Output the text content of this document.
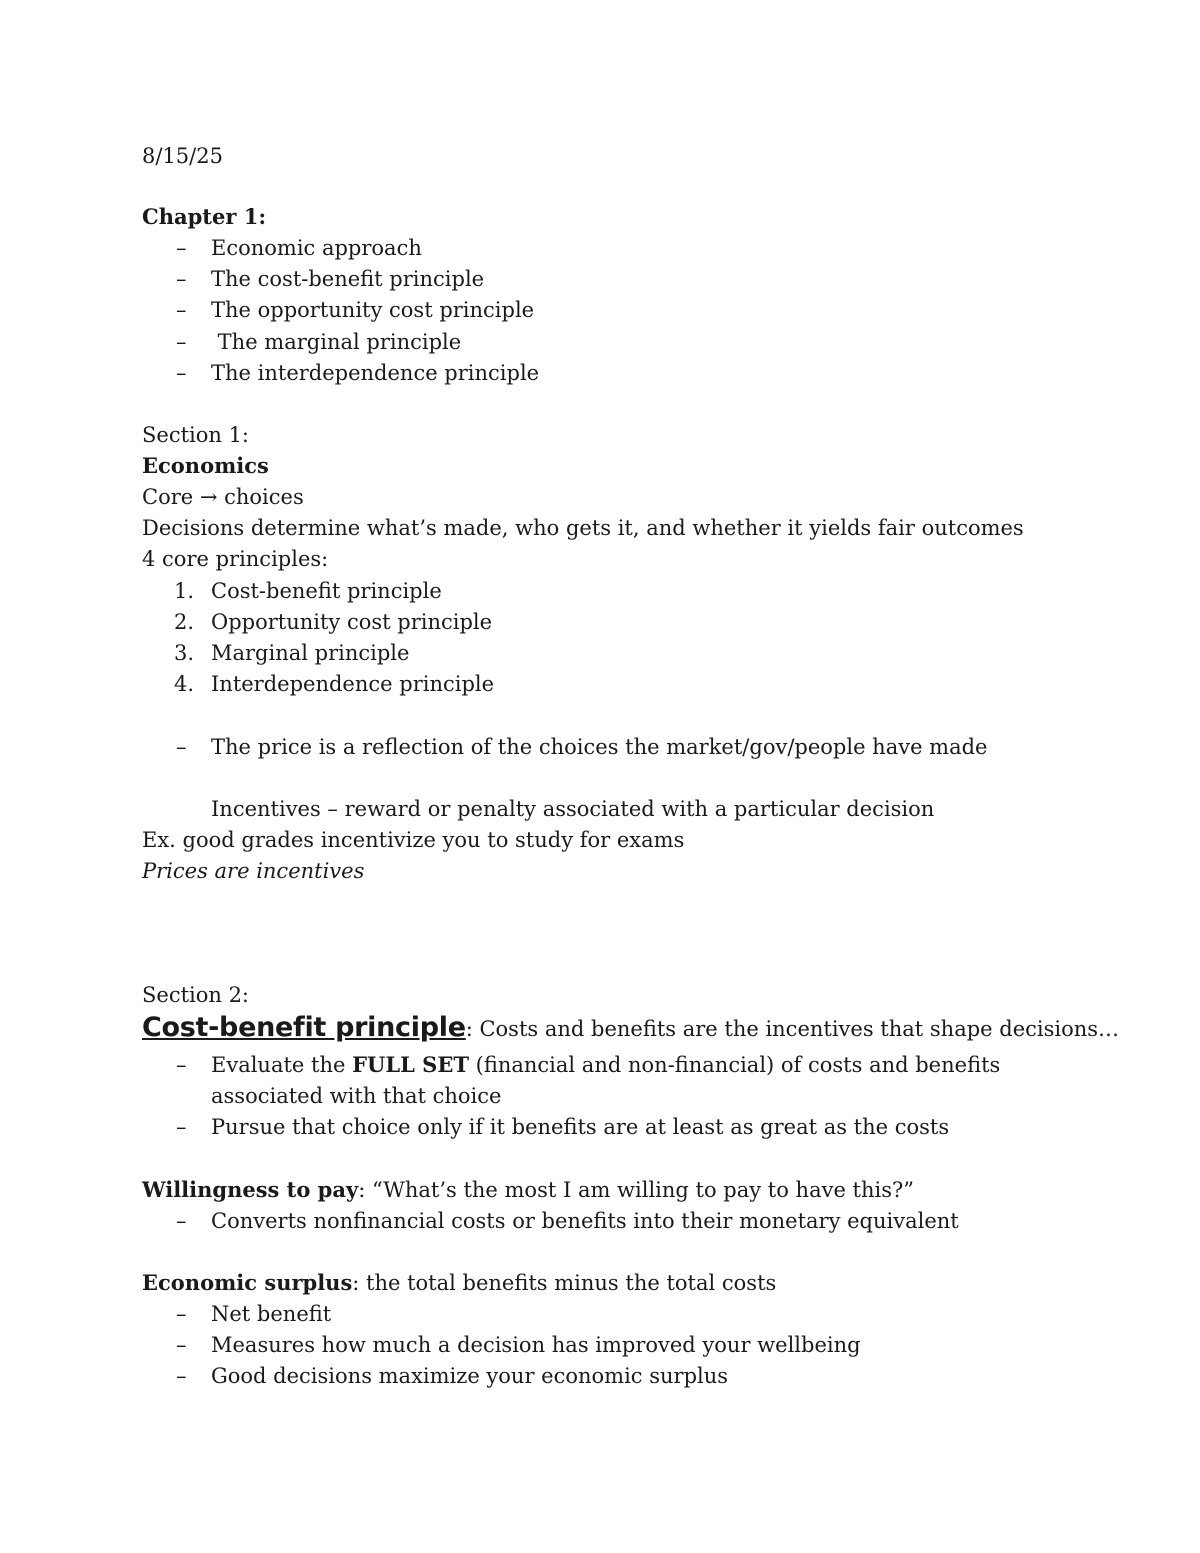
8/15/25
Chapter 1:
– Economic approach
– The cost-benefit principle
– The opportunity cost principle
– The marginal principle
– The interdependence principle
Section 1:
Economics
Core → choices
Decisions determine what’s made, who gets it, and whether it yields fair outcomes
4 core principles:
1. Cost-benefit principle
2. Opportunity cost principle
3. Marginal principle
4. Interdependence principle
– The price is a reflection of the choices the market/gov/people have made
Incentives – reward or penalty associated with a particular decision
Ex. good grades incentivize you to study for exams
Prices are incentives
Section 2:
Cost-benefit principle: Costs and benefits are the incentives that shape decisions…
– Evaluate the FULL SET (financial and non-financial) of costs and benefits
associated with that choice
– Pursue that choice only if it benefits are at least as great as the costs
Willingness to pay: “What’s the most I am willing to pay to have this?”
– Converts nonfinancial costs or benefits into their monetary equivalent
Economic surplus: the total benefits minus the total costs
– Net benefit
– Measures how much a decision has improved your wellbeing
– Good decisions maximize your economic surplus
